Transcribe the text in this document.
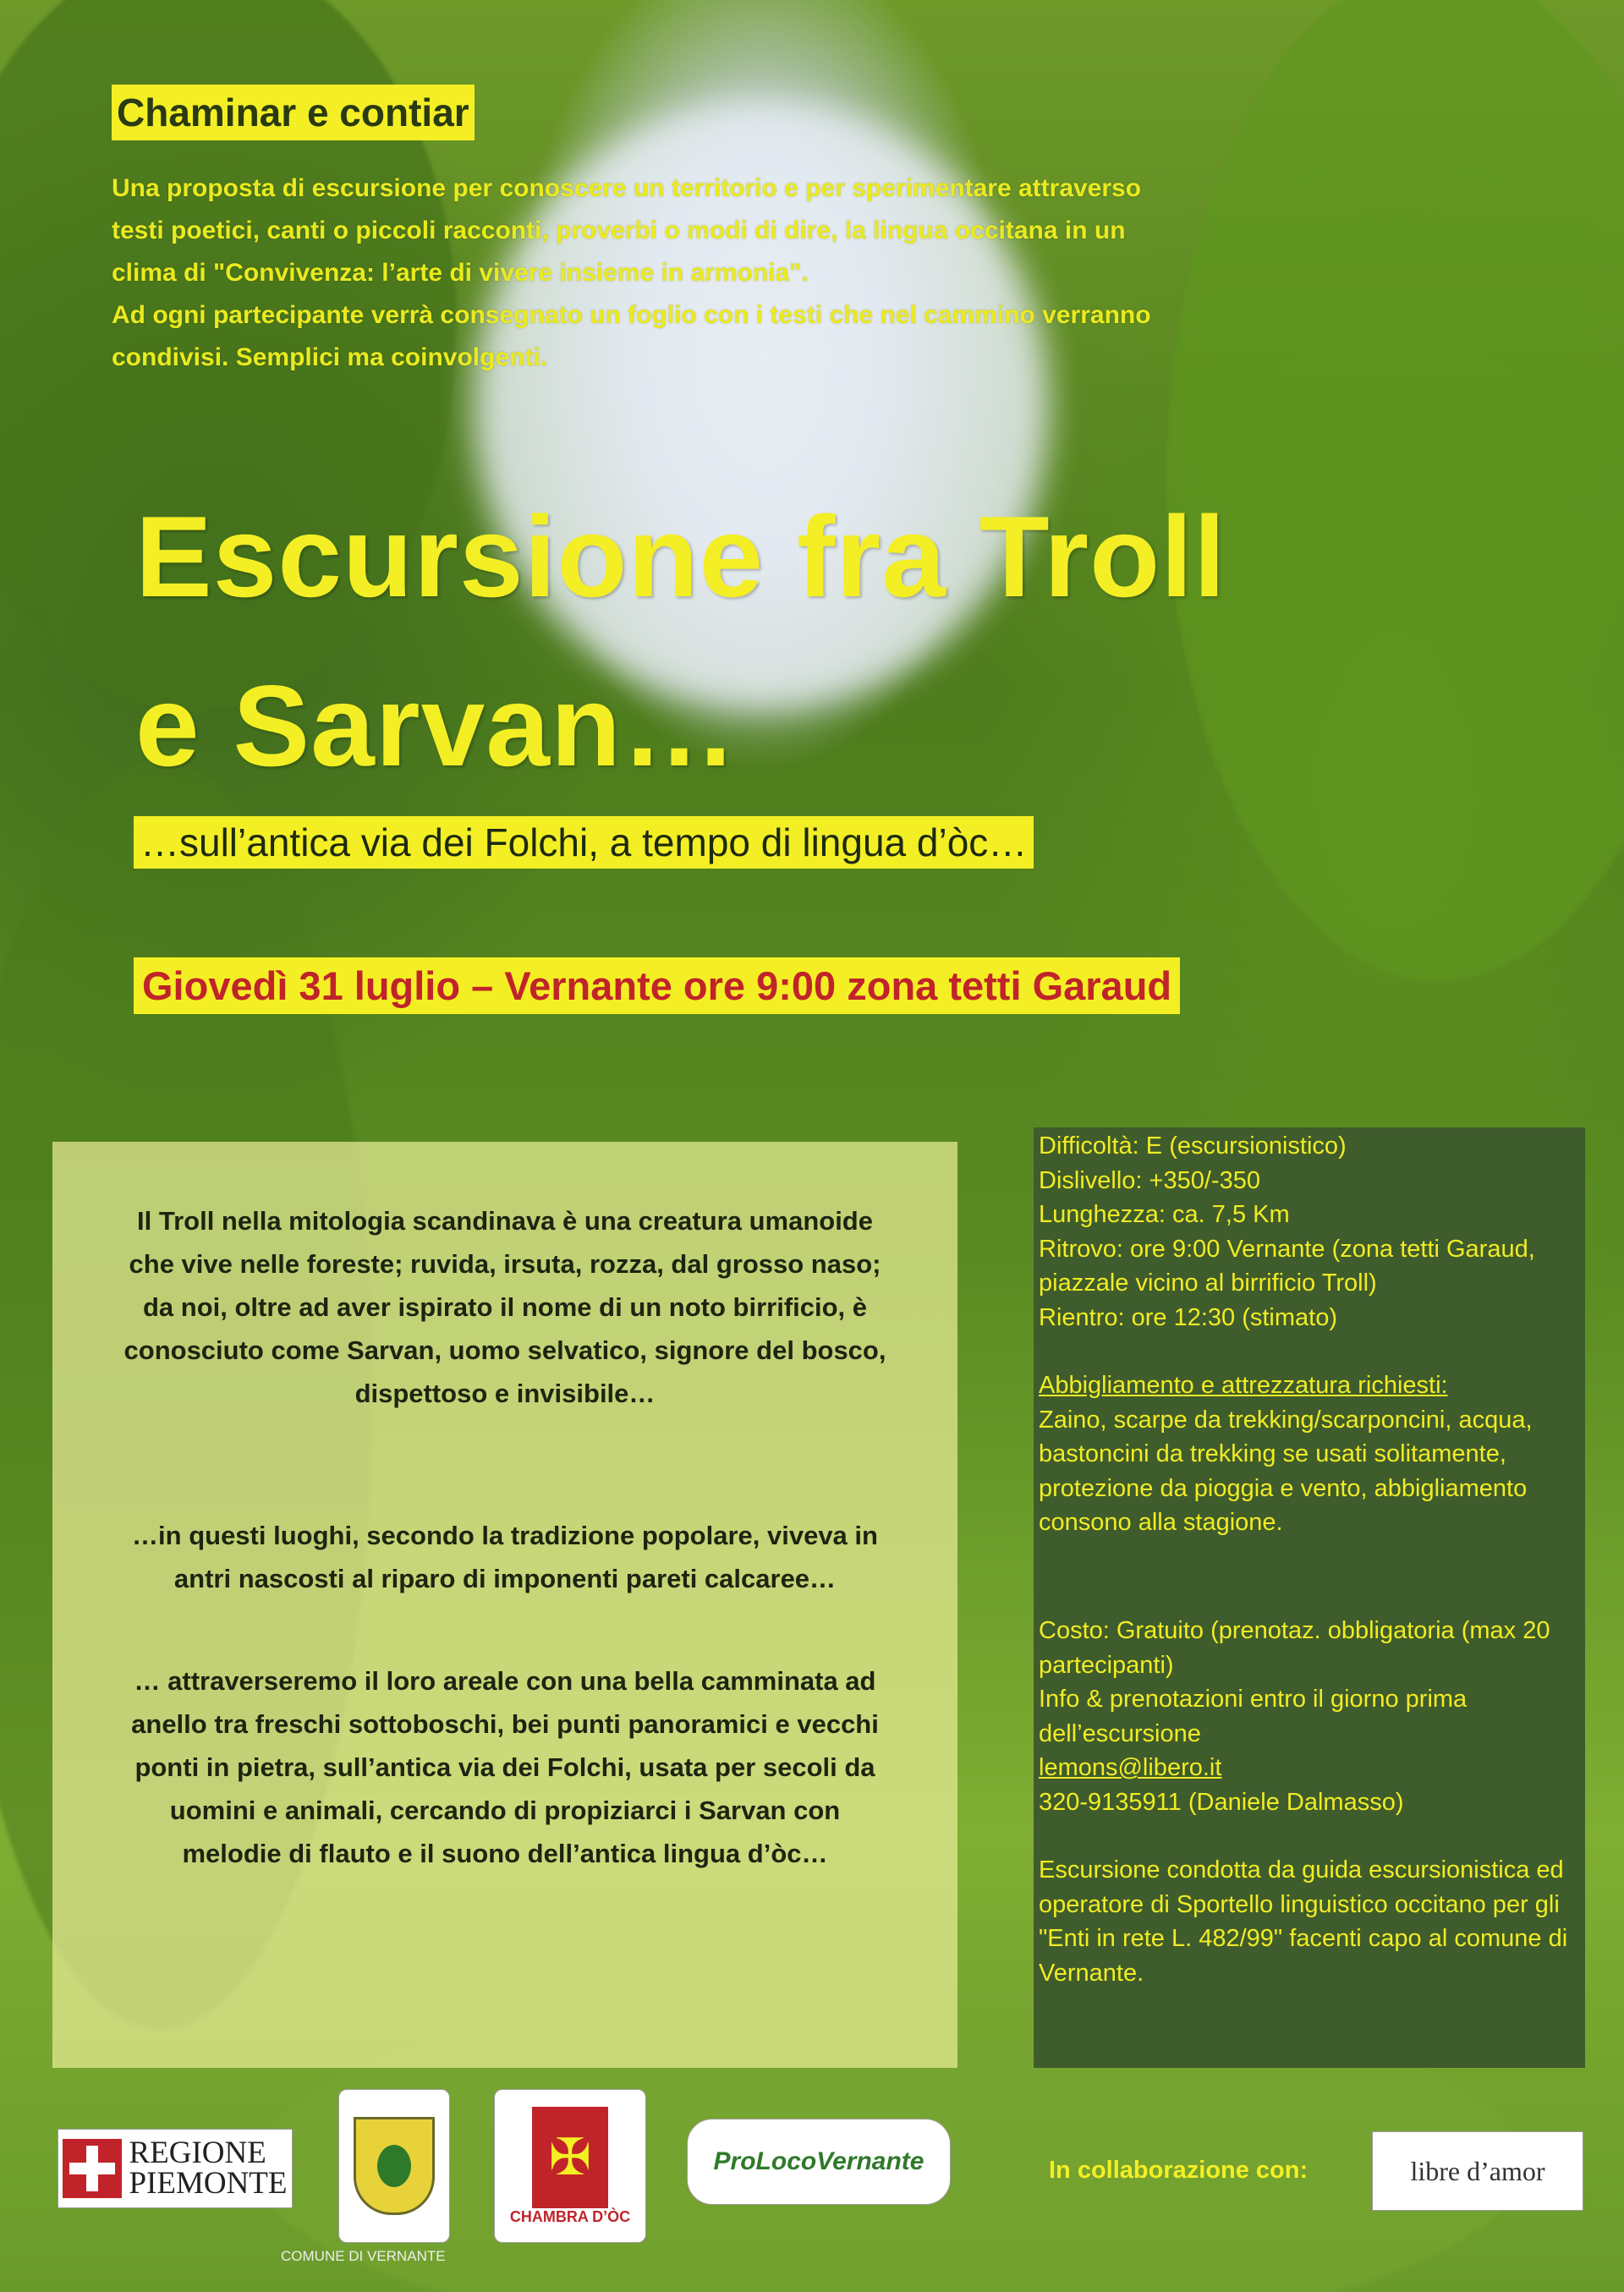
Chaminar e contiar
Una proposta di escursione per conoscere un territorio e per sperimentare attraverso
testi poetici, canti o piccoli racconti, proverbi o modi di dire, la lingua occitana in un
clima di "Convivenza: l’arte di vivere insieme in armonia".
Ad ogni partecipante verrà consegnato un foglio con i testi che nel cammino verranno
condivisi. Semplici ma coinvolgenti.
Escursione fra Troll
e Sarvan…
…sull’antica via dei Folchi, a tempo di lingua d’òc…
Giovedì 31 luglio – Vernante ore 9:00 zona tetti Garaud
Il Troll nella mitologia scandinava è una creatura umanoide che vive nelle foreste; ruvida, irsuta, rozza, dal grosso naso; da noi, oltre ad aver ispirato il nome di un noto birrificio, è conosciuto come Sarvan, uomo selvatico, signore del bosco, dispettoso e invisibile…
…in questi luoghi, secondo la tradizione popolare, viveva in antri nascosti al riparo di imponenti pareti calcaree…
… attraverseremo il loro areale con una bella camminata ad anello tra freschi sottoboschi, bei punti panoramici e vecchi ponti in pietra, sull’antica via dei Folchi, usata per secoli da uomini e animali, cercando di propiziarci i Sarvan con melodie di flauto e il suono dell’antica lingua d’òc…
Difficoltà: E (escursionistico)
Dislivello: +350/-350
Lunghezza: ca. 7,5 Km
Ritrovo: ore 9:00 Vernante (zona tetti Garaud, piazzale vicino al birrificio Troll)
Rientro: ore 12:30 (stimato)
Abbigliamento e attrezzatura richiesti:
Zaino, scarpe da trekking/scarponcini, acqua, bastoncini da trekking se usati solitamente, protezione da pioggia e vento, abbigliamento consono alla stagione.
Costo: Gratuito (prenotaz. obbligatoria (max 20 partecipanti)
Info & prenotazioni entro il giorno prima dell’escursione
lemons@libero.it
320-9135911 (Daniele Dalmasso)
Escursione condotta da guida escursionistica ed operatore di Sportello linguistico occitano per gli "Enti in rete L. 482/99" facenti capo al comune di Vernante.
REGIONE
PIEMONTE
COMUNE DI VERNANTE
✠
CHAMBRA D’ÒC
ProLocoVernante	In collaborazione con:	libre d’amor
